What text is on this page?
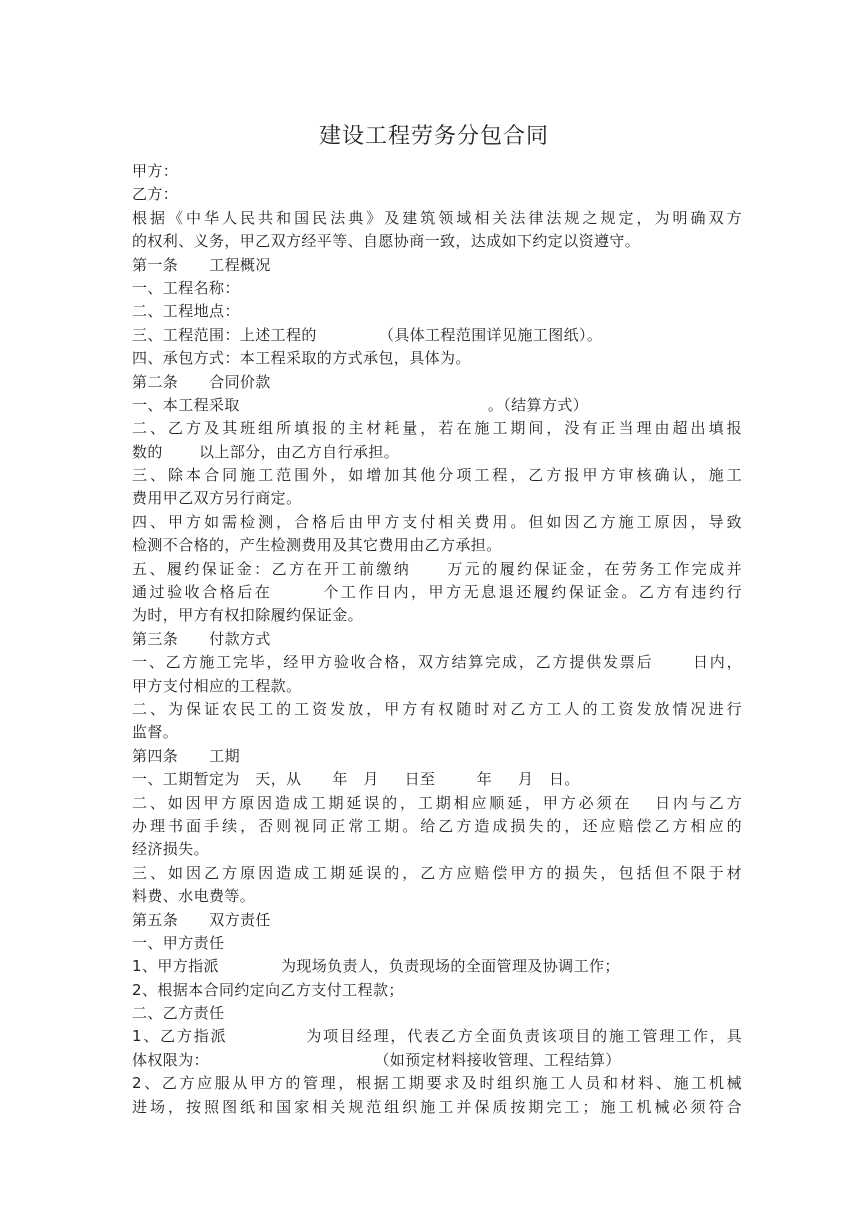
建设工程劳务分包合同
甲方：
乙方：
根据《中华人民共和国民法典》及建筑领域相关法律法规之规定，为明确双方
的权利、义务，甲乙双方经平等、自愿协商一致，达成如下约定以资遵守。
第一条      工程概况
一、工程名称：
二、工程地点：
三、工程范围：上述工程的            （具体工程范围详见施工图纸）。
四、承包方式：本工程采取的方式承包，具体为。
第二条      合同价款
一、本工程采取                                                。（结算方式）
二、乙方及其班组所填报的主材耗量，若在施工期间，没有正当理由超出填报
数的       以上部分，由乙方自行承担。
三、除本合同施工范围外，如增加其他分项工程，乙方报甲方审核确认，施工
费用甲乙双方另行商定。
四、甲方如需检测，合格后由甲方支付相关费用。但如因乙方施工原因，导致
检测不合格的，产生检测费用及其它费用由乙方承担。
五、履约保证金：乙方在开工前缴纳     万元的履约保证金，在劳务工作完成并
通过验收合格后在       个工作日内，甲方无息退还履约保证金。乙方有违约行
为时，甲方有权扣除履约保证金。
第三条      付款方式
一、乙方施工完毕，经甲方验收合格，双方结算完成，乙方提供发票后      日内，
甲方支付相应的工程款。
二、为保证农民工的工资发放，甲方有权随时对乙方工人的工资发放情况进行
监督。
第四条      工期
一、工期暂定为   天，从      年   月     日至        年     月   日。
二、如因甲方原因造成工期延误的，工期相应顺延，甲方必须在   日内与乙方
办理书面手续，否则视同正常工期。给乙方造成损失的，还应赔偿乙方相应的
经济损失。
三、如因乙方原因造成工期延误的，乙方应赔偿甲方的损失，包括但不限于材
料费、水电费等。
第五条      双方责任
一、甲方责任
1、甲方指派            为现场负责人，负责现场的全面管理及协调工作；
2、根据本合同约定向乙方支付工程款；
二、乙方责任
1、乙方指派            为项目经理，代表乙方全面负责该项目的施工管理工作，具
体权限为：                                （如预定材料接收管理、工程结算）
2、乙方应服从甲方的管理，根据工期要求及时组织施工人员和材料、施工机械
进场，按照图纸和国家相关规范组织施工并保质按期完工；施工机械必须符合
